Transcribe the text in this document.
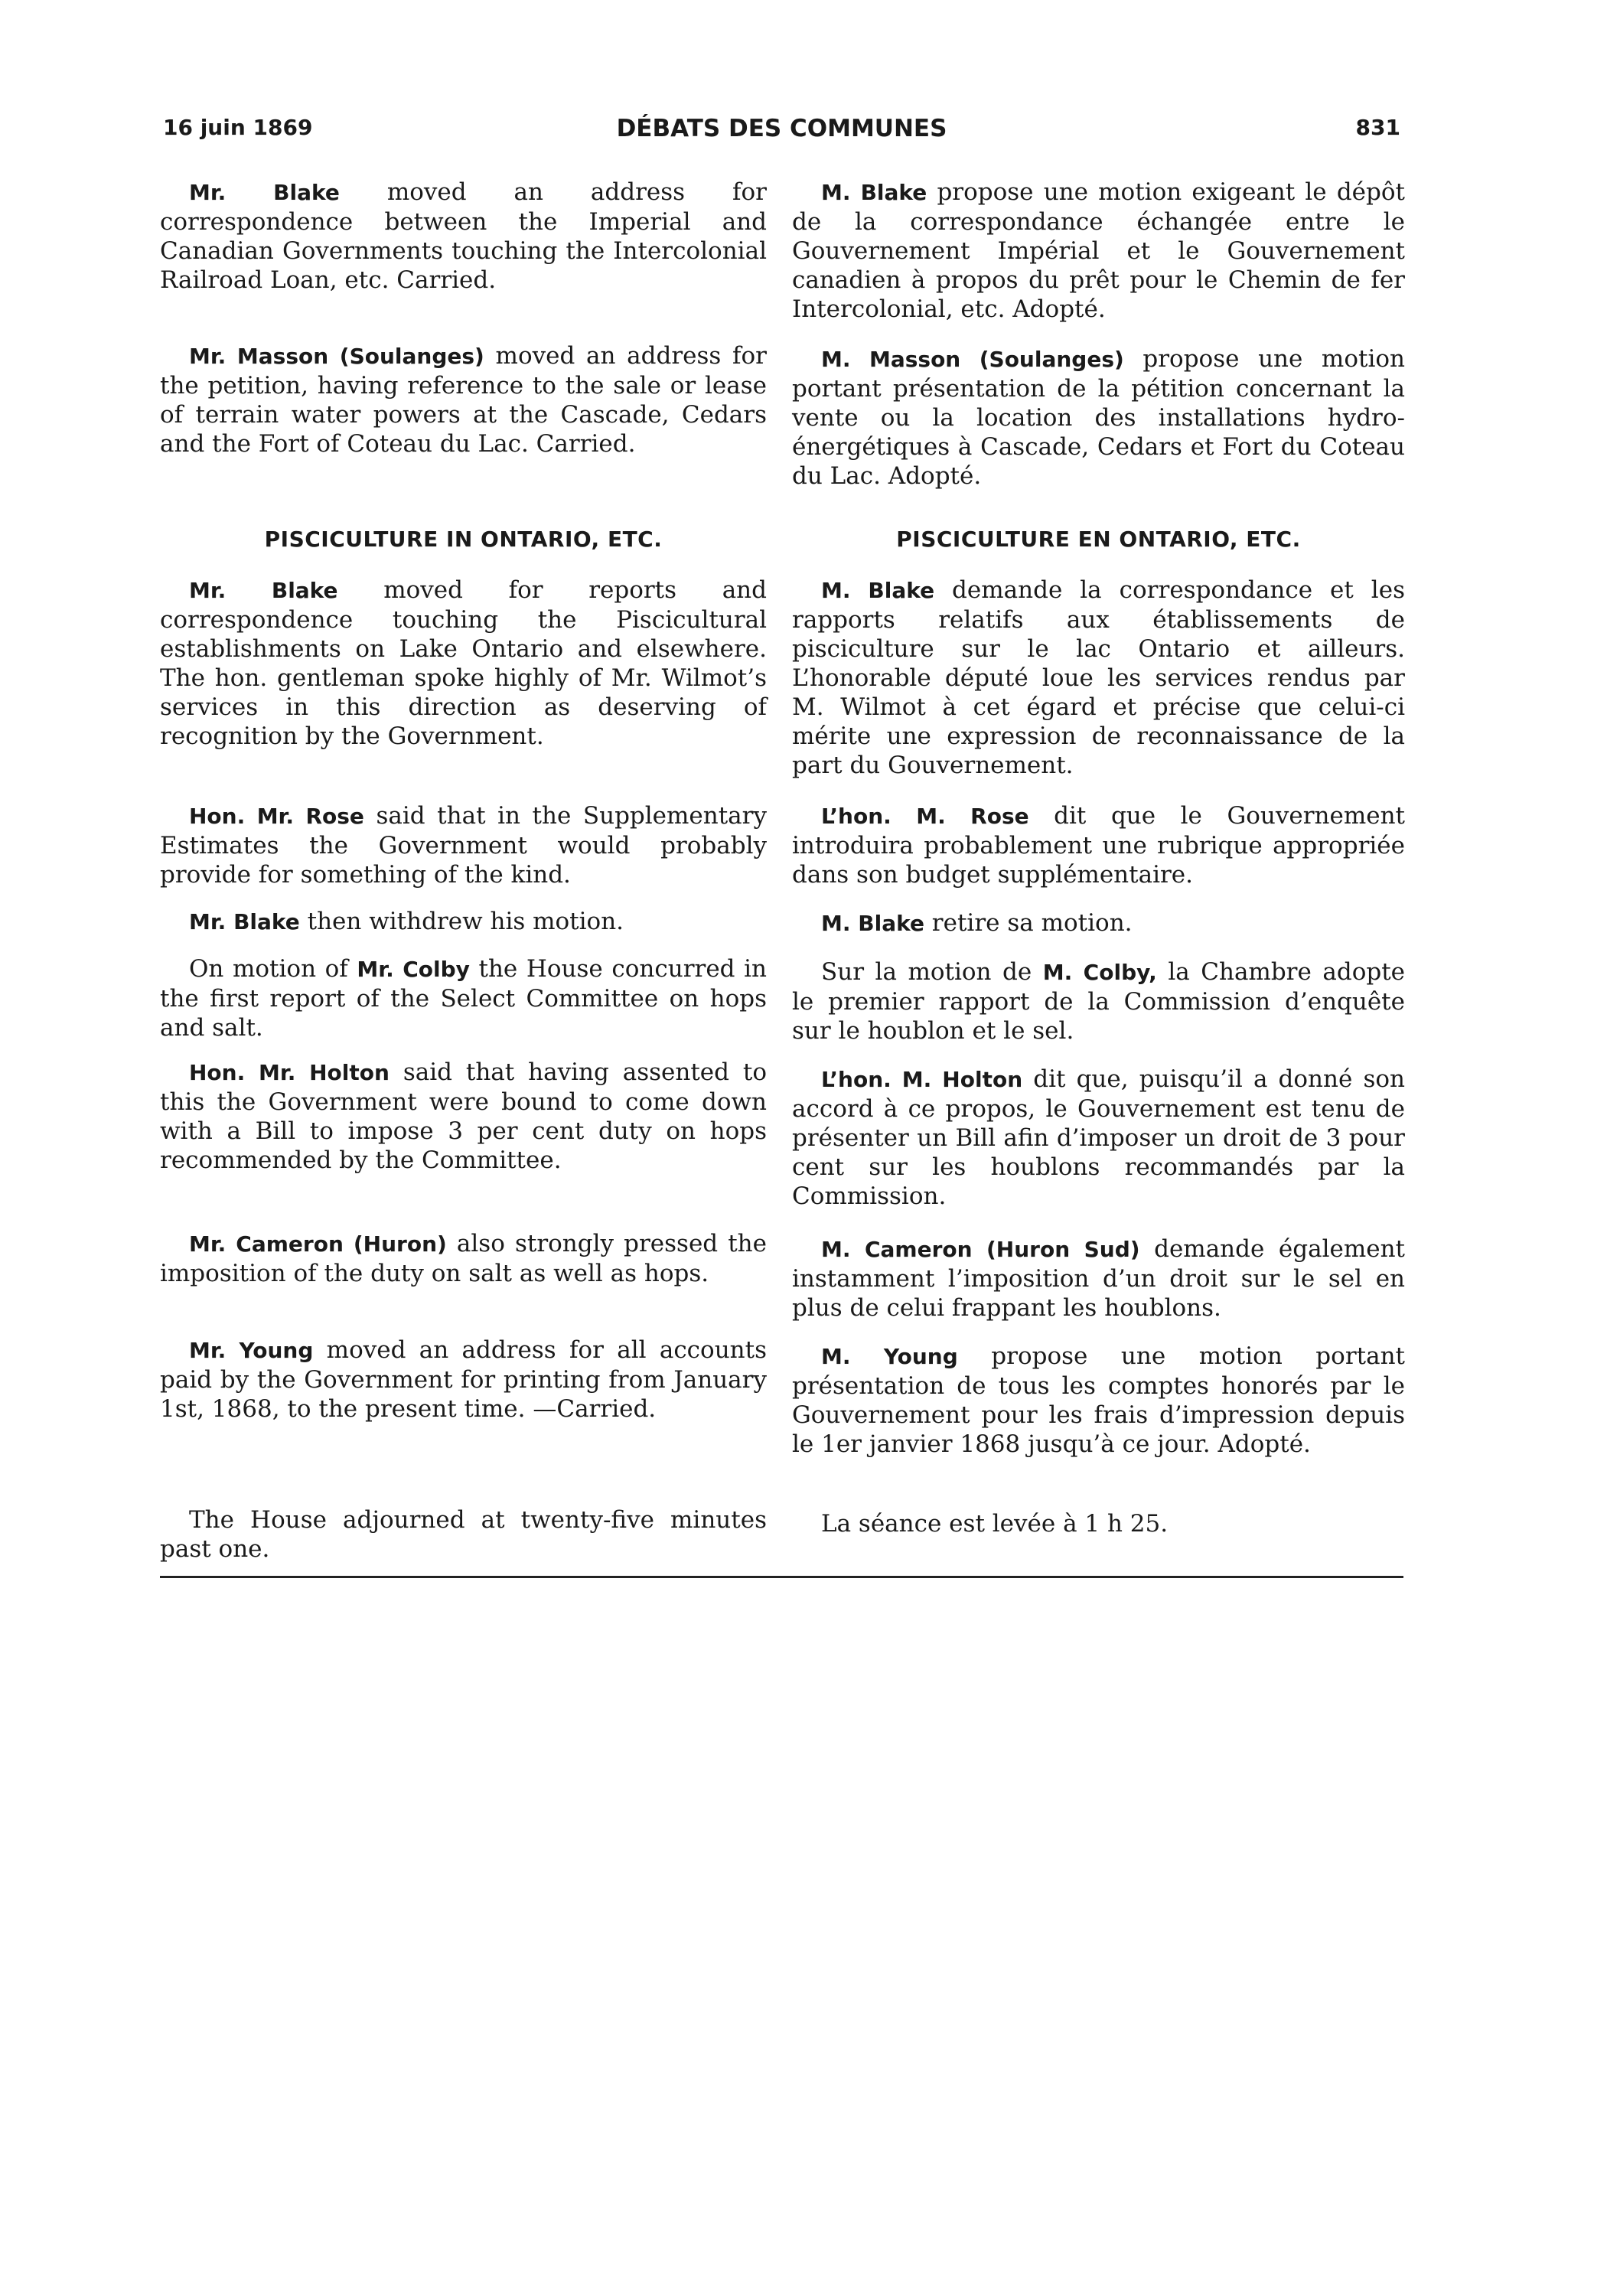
16 juin 1869	DÉBATS DES COMMUNES	831

Mr. Blake moved an address for correspondence between the Imperial and Canadian Governments touching the Intercolonial Railroad Loan, etc. Carried.

Mr. Masson (Soulanges) moved an address for the petition, having reference to the sale or lease of terrain water powers at the Cascade, Cedars and the Fort of Coteau du Lac. Carried.

PISCICULTURE IN ONTARIO, ETC.

Mr. Blake moved for reports and correspondence touching the Piscicultural establishments on Lake Ontario and elsewhere. The hon. gentleman spoke highly of Mr. Wilmot’s services in this direction as deserving of recognition by the Government.

Hon. Mr. Rose said that in the Supplementary Estimates the Government would probably provide for something of the kind.

Mr. Blake then withdrew his motion.

On motion of Mr. Colby the House concurred in the first report of the Select Committee on hops and salt.

Hon. Mr. Holton said that having assented to this the Government were bound to come down with a Bill to impose 3 per cent duty on hops recommended by the Committee.

Mr. Cameron (Huron) also strongly pressed the imposition of the duty on salt as well as hops.

Mr. Young moved an address for all accounts paid by the Government for printing from January 1st, 1868, to the present time. —Carried.

The House adjourned at twenty-five minutes past one.

M. Blake propose une motion exigeant le dépôt de la correspondance échangée entre le Gouvernement Impérial et le Gouvernement canadien à propos du prêt pour le Chemin de fer Intercolonial, etc. Adopté.

M. Masson (Soulanges) propose une motion portant présentation de la pétition concernant la vente ou la location des installations hydro-énergétiques à Cascade, Cedars et Fort du Coteau du Lac. Adopté.

PISCICULTURE EN ONTARIO, ETC.

M. Blake demande la correspondance et les rapports relatifs aux établissements de pisciculture sur le lac Ontario et ailleurs. L’honorable député loue les services rendus par M. Wilmot à cet égard et précise que celui-ci mérite une expression de reconnaissance de la part du Gouvernement.

L’hon. M. Rose dit que le Gouvernement introduira probablement une rubrique appropriée dans son budget supplémentaire.

M. Blake retire sa motion.

Sur la motion de M. Colby, la Chambre adopte le premier rapport de la Commission d’enquête sur le houblon et le sel.

L’hon. M. Holton dit que, puisqu’il a donné son accord à ce propos, le Gouvernement est tenu de présenter un Bill afin d’imposer un droit de 3 pour cent sur les houblons recommandés par la Commission.

M. Cameron (Huron Sud) demande également instamment l’imposition d’un droit sur le sel en plus de celui frappant les houblons.

M. Young propose une motion portant présentation de tous les comptes honorés par le Gouvernement pour les frais d’impression depuis le 1er janvier 1868 jusqu’à ce jour. Adopté.

La séance est levée à 1 h 25.
